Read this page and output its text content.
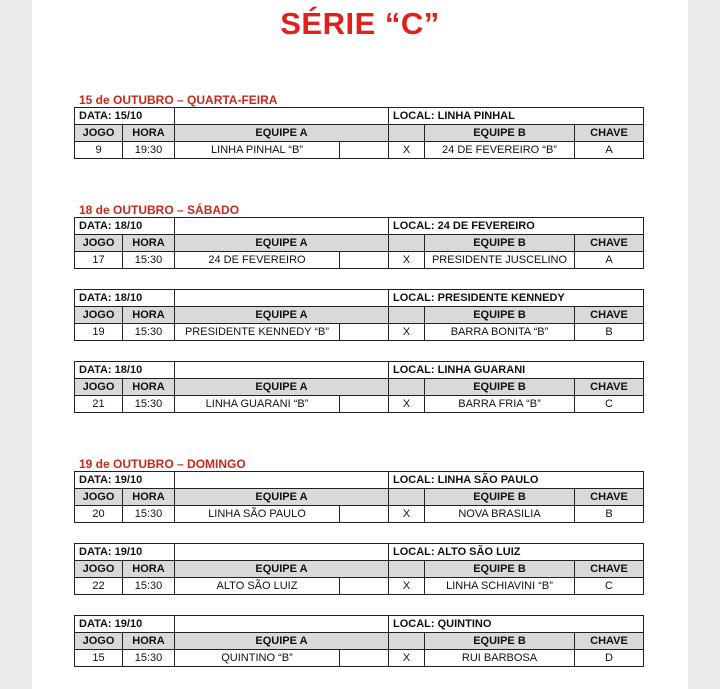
SÉRIE “C”
15 de OUTUBRO – QUARTA-FEIRA
DATA: 15/10				LOCAL: LINHA PINHAL		
JOGO	HORA	EQUIPE A			EQUIPE B	CHAVE
9	19:30	LINHA PINHAL “B”		X	24 DE FEVEREIRO “B”	A
18 de OUTUBRO – SÁBADO
DATA: 18/10				LOCAL: 24 DE FEVEREIRO		
JOGO	HORA	EQUIPE A			EQUIPE B	CHAVE
17	15:30	24 DE FEVEREIRO		X	PRESIDENTE JUSCELINO	A
DATA: 18/10				LOCAL: PRESIDENTE KENNEDY		
JOGO	HORA	EQUIPE A			EQUIPE B	CHAVE
19	15:30	PRESIDENTE KENNEDY “B”		X	BARRA BONITA “B”	B
DATA: 18/10				LOCAL: LINHA GUARANI		
JOGO	HORA	EQUIPE A			EQUIPE B	CHAVE
21	15:30	LINHA GUARANI “B”		X	BARRA FRIA “B”	C
19 de OUTUBRO – DOMINGO
DATA: 19/10				LOCAL: LINHA SÃO PAULO		
JOGO	HORA	EQUIPE A			EQUIPE B	CHAVE
20	15:30	LINHA SÃO PAULO		X	NOVA BRASILIA	B
DATA: 19/10				LOCAL: ALTO SÃO LUIZ		
JOGO	HORA	EQUIPE A			EQUIPE B	CHAVE
22	15:30	ALTO SÃO LUIZ		X	LINHA SCHIAVINI “B”	C
DATA: 19/10				LOCAL: QUINTINO		
JOGO	HORA	EQUIPE A			EQUIPE B	CHAVE
15	15:30	QUINTINO “B”		X	RUI BARBOSA	D
